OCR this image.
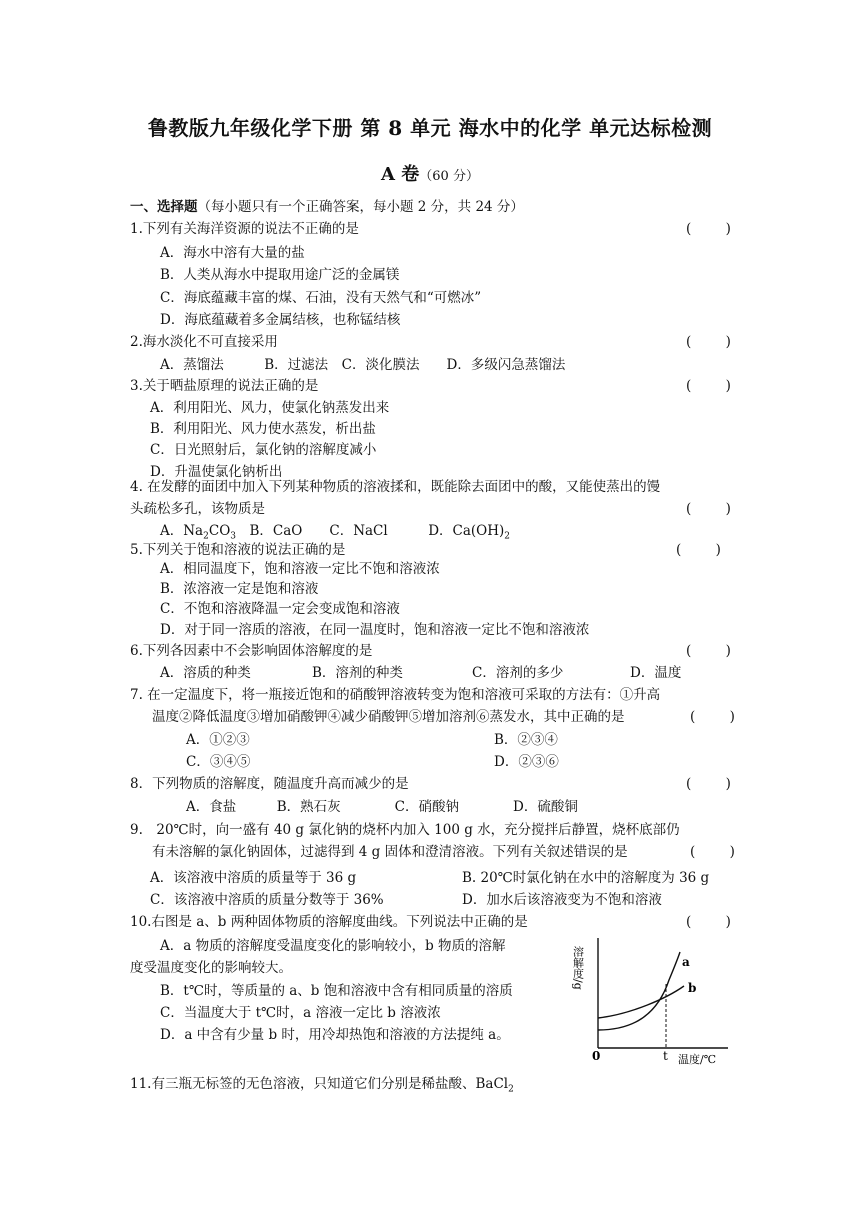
鲁教版九年级化学下册 第 8 单元 海水中的化学 单元达标检测
A 卷（60 分）
一、选择题（每小题只有一个正确答案，每小题 2 分，共 24 分）
1.下列有关海洋资源的说法不正确的是	(        )
A．海水中溶有大量的盐
B．人类从海水中提取用途广泛的金属镁
C．海底蕴藏丰富的煤、石油，没有天然气和“可燃冰”
D．海底蕴藏着多金属结核，也称锰结核
2.海水淡化不可直接采用	(        )
A．蒸馏法　　　B．过滤法　C．淡化膜法　　D．多级闪急蒸馏法
3.关于晒盐原理的说法正确的是	(        )
A．利用阳光、风力，使氯化钠蒸发出来
B．利用阳光、风力使水蒸发，析出盐
C．日光照射后，氯化钠的溶解度减小
D．升温使氯化钠析出
4. 在发酵的面团中加入下列某种物质的溶液揉和，既能除去面团中的酸，又能使蒸出的馒
头疏松多孔，该物质是	(        )
A．$Na_2CO_3$　B．CaO　　C．NaCl　　　D．$Ca(OH)_2$
5.下列关于饱和溶液的说法正确的是	(        )
A．相同温度下，饱和溶液一定比不饱和溶液浓
B．浓溶液一定是饱和溶液
C．不饱和溶液降温一定会变成饱和溶液
D．对于同一溶质的溶液，在同一温度时，饱和溶液一定比不饱和溶液浓
6.下列各因素中不会影响固体溶解度的是	(        )
A．溶质的种类	B．溶剂的种类	C．溶剂的多少	D．温度
7. 在一定温度下，将一瓶接近饱和的硝酸钾溶液转变为饱和溶液可采取的方法有：①升高
温度②降低温度③增加硝酸钾④减少硝酸钾⑤增加溶剂⑥蒸发水，其中正确的是	(        )
A．①②③	B．②③④
C．③④⑤	D．②③⑥
8．下列物质的溶解度，随温度升高而减少的是	(        )
A．食盐　　　B．熟石灰　　　　C．硝酸钠　　　　D．硫酸铜
9.　20℃时，向一盛有 40 g 氯化钠的烧杯内加入 100 g 水，充分搅拌后静置，烧杯底部仍
有未溶解的氯化钠固体，过滤得到 4 g 固体和澄清溶液。下列有关叙述错误的是	(        )
A．该溶液中溶质的质量等于 36 g	B. 20℃时氯化钠在水中的溶解度为 36 g
C．该溶液中溶质的质量分数等于 36%	D．加水后该溶液变为不饱和溶液
10.右图是 a、b 两种固体物质的溶解度曲线。下列说法中正确的是	(        )
A．a 物质的溶解度受温度变化的影响较小，b 物质的溶解
度受温度变化的影响较大。
B．t℃时，等质量的 a、b 饱和溶液中含有相同质量的溶质
C．当温度大于 t℃时，a 溶液一定比 b 溶液浓
D．a 中含有少量 b 时，用冷却热饱和溶液的方法提纯 a。
溶解度/g
0	t 温度/℃
a
b
11.有三瓶无标签的无色溶液，只知道它们分别是稀盐酸、BaCl$_2$
